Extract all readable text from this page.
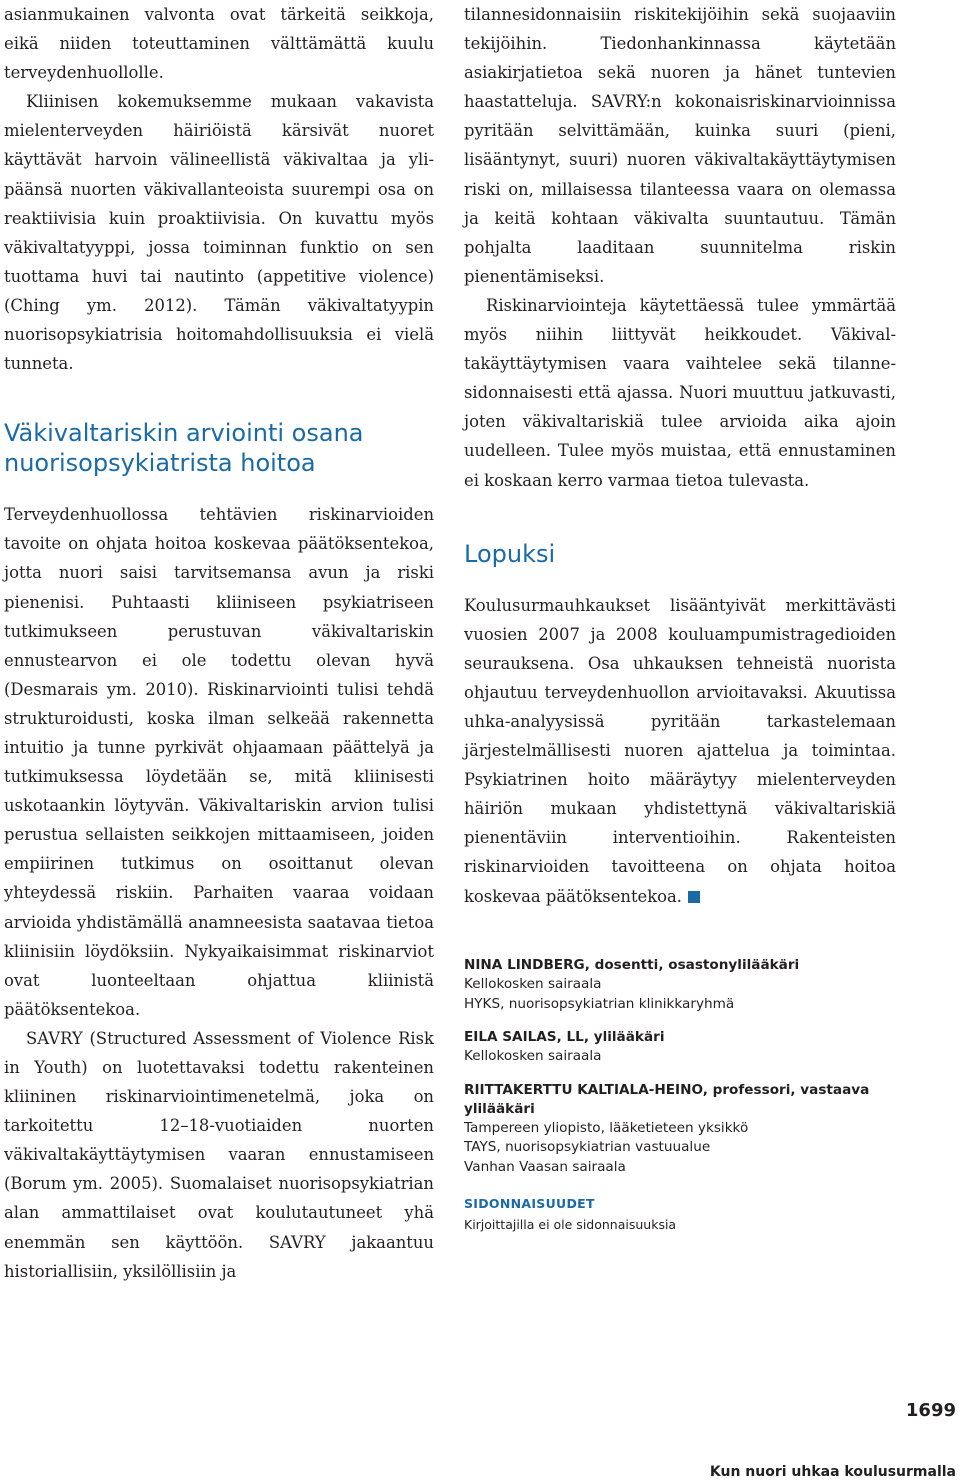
asianmukainen valvonta ovat tärkeitä seikkoja, eikä niiden toteuttaminen välttämättä kuulu terveydenhuollolle.

Kliinisen kokemuksemme mukaan vakavista mielenterveyden häiriöistä kärsivät nuoret käyttävät harvoin välineellistä väkivaltaa ja ylipäänsä nuorten väkivallanteoista suurempi osa on reaktiivisia kuin proaktiivisia. On kuvattu myös väkivaltatyyppi, jossa toiminnan funktio on sen tuottama huvi tai nautinto (appetitive violence) (Ching ym. 2012). Tämän väkivaltatyypin nuorisopsykiatrisia hoitomahdollisuuksia ei vielä tunneta.

Väkivaltariskin arviointi osana nuorisopsykiatrista hoitoa

Terveydenhuollossa tehtävien riskinarvioiden tavoite on ohjata hoitoa koskevaa päätöksentekoa, jotta nuori saisi tarvitsemansa avun ja riski pienenisi. Puhtaasti kliiniseen psykiatriseen tutkimukseen perustuvan väkivaltariskin ennustearvon ei ole todettu olevan hyvä (Desmarais ym. 2010). Riskinarviointi tulisi tehdä strukturoidusti, koska ilman selkeää rakennetta intuitio ja tunne pyrkivät ohjaamaan päättelyä ja tutkimuksessa löydetään se, mitä kliinisesti uskotaankin löytyvän. Väkivaltariskin arvion tulisi perustua sellaisten seikkojen mittaamiseen, joiden empiirinen tutkimus on osoittanut olevan yhteydessä riskiin. Parhaiten vaaraa voidaan arvioida yhdistämällä anamneesista saatavaa tietoa kliinisiin löydöksiin. Nykyaikaisimmat riskinarviot ovat luonteeltaan ohjattua kliinistä päätöksentekoa.

SAVRY (Structured Assessment of Violence Risk in Youth) on luotettavaksi todettu rakenteinen kliininen riskinarviointimenetelmä, joka on tarkoitettu 12–18-vuotiaiden nuorten väkivaltakäyttäytymisen vaaran ennustamiseen (Borum ym. 2005). Suomalaiset nuorisopsykiatrian alan ammattilaiset ovat koulutautuneet yhä enemmän sen käyttöön. SAVRY jakaantuu historiallisiin, yksilöllisiin ja

tilannesidonnaisiin riskitekijöihin sekä suojaaviin tekijöihin. Tiedonhankinnassa käytetään asiakirjatietoa sekä nuoren ja hänet tuntevien haastatteluja. SAVRY:n kokonaisriskinarvioinnissa pyritään selvittämään, kuinka suuri (pieni, lisääntynyt, suuri) nuoren väkivaltakäyttäytymisen riski on, millaisessa tilanteessa vaara on olemassa ja keitä kohtaan väkivalta suuntautuu. Tämän pohjalta laaditaan suunnitelma riskin pienentämiseksi.

Riskinarviointeja käytettäessä tulee ymmärtää myös niihin liittyvät heikkoudet. Väkivaltakäyttäytymisen vaara vaihtelee sekä tilannesidonnaisesti että ajassa. Nuori muuttuu jatkuvasti, joten väkivaltariskiä tulee arvioida aika ajoin uudelleen. Tulee myös muistaa, että ennustaminen ei koskaan kerro varmaa tietoa tulevasta.

Lopuksi

Koulusurmauhkaukset lisääntyivät merkittävästi vuosien 2007 ja 2008 kouluampumistragedioiden seurauksena. Osa uhkauksen tehneistä nuorista ohjautuu terveydenhuollon arvioitavaksi. Akuutissa uhka-analyysissä pyritään tarkastelemaan järjestelmällisesti nuoren ajattelua ja toimintaa. Psykiatrinen hoito määräytyy mielenterveyden häiriön mukaan yhdistettynä väkivaltariskiä pienentäviin interventioihin. Rakenteisten riskinarvioiden tavoitteena on ohjata hoitoa koskevaa päätöksentekoa.

NINA LINDBERG, dosentti, osastonylilääkäri
Kellokosken sairaala
HYKS, nuorisopsykiatrian klinikkaryhmä
EILA SAILAS, LL, ylilääkäri
Kellokosken sairaala
RIITTAKERTTU KALTIALA-HEINO, professori, vastaava ylilääkäri
Tampereen yliopisto, lääketieteen yksikkö
TAYS, nuorisopsykiatrian vastuualue
Vanhan Vaasan sairaala
SIDONNAISUUDET
Kirjoittajilla ei ole sidonnaisuuksia
1699
Kun nuori uhkaa koulusurmalla
